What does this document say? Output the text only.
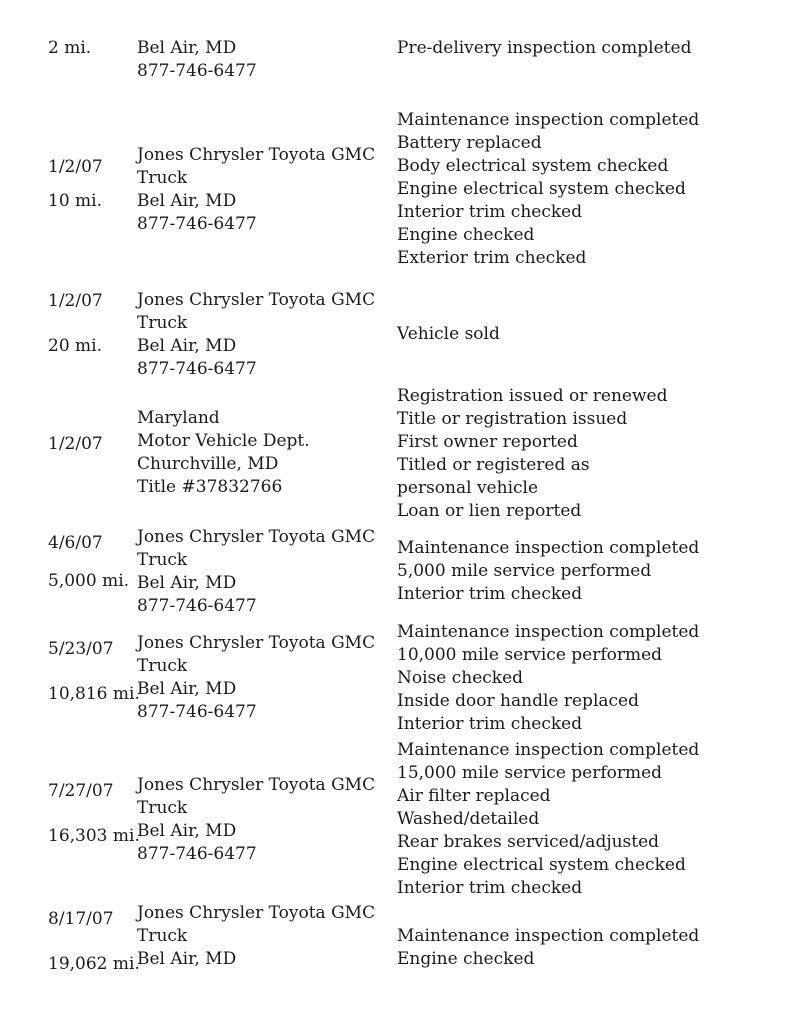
2 mi.	Bel Air, MD
877-746-6477
Pre-delivery inspection completed
1/2/07
10 mi.
Jones Chrysler Toyota GMC
Truck
Bel Air, MD
877-746-6477
Maintenance inspection completed
Battery replaced
Body electrical system checked
Engine electrical system checked
Interior trim checked
Engine checked
Exterior trim checked
1/2/07
20 mi.
Jones Chrysler Toyota GMC
Truck
Bel Air, MD
877-746-6477
Vehicle sold
1/2/07
Maryland
Motor Vehicle Dept.
Churchville, MD
Title #37832766
Registration issued or renewed
Title or registration issued
First owner reported
Titled or registered as
personal vehicle
Loan or lien reported
4/6/07
5,000 mi.
Jones Chrysler Toyota GMC
Truck
Bel Air, MD
877-746-6477
Maintenance inspection completed
5,000 mile service performed
Interior trim checked
5/23/07
10,816 mi.
Jones Chrysler Toyota GMC
Truck
Bel Air, MD
877-746-6477
Maintenance inspection completed
10,000 mile service performed
Noise checked
Inside door handle replaced
Interior trim checked
7/27/07
16,303 mi.
Jones Chrysler Toyota GMC
Truck
Bel Air, MD
877-746-6477
Maintenance inspection completed
15,000 mile service performed
Air filter replaced
Washed/detailed
Rear brakes serviced/adjusted
Engine electrical system checked
Interior trim checked
8/17/07
19,062 mi.
Jones Chrysler Toyota GMC
Truck
Bel Air, MD
Maintenance inspection completed
Engine checked
